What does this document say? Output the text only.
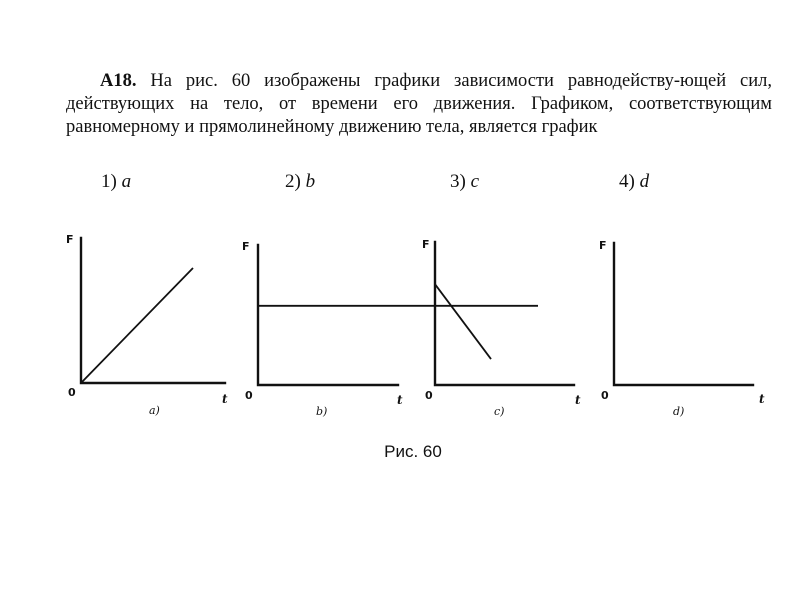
А18. На рис. 60 изображены графики зависимости равнодейству-ющей сил, действующих на тело, от времени его движения. Графиком, соответствующим равномерному и прямолинейному движению тела, является график
1) a	2) b	3) c	4) d
F
0	t
a)
F
0	t
b)
F
0	t
c)
F
0	t
d)
Рис. 60
